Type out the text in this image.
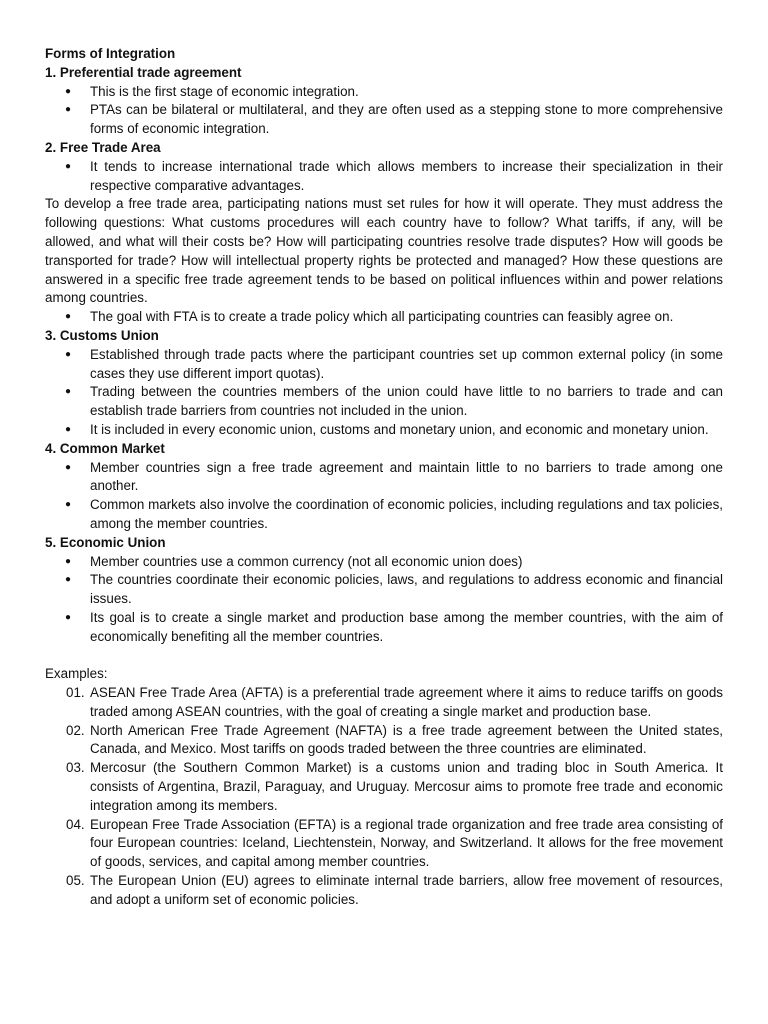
Forms of Integration
1. Preferential trade agreement
● This is the first stage of economic integration.
● PTAs can be bilateral or multilateral, and they are often used as a stepping stone to more comprehensive forms of economic integration.
2. Free Trade Area
● It tends to increase international trade which allows members to increase their specialization in their respective comparative advantages.
To develop a free trade area, participating nations must set rules for how it will operate. They must address the following questions: What customs procedures will each country have to follow? What tariffs, if any, will be allowed, and what will their costs be? How will participating countries resolve trade disputes? How will goods be transported for trade? How will intellectual property rights be protected and managed? How these questions are answered in a specific free trade agreement tends to be based on political influences within and power relations among countries.
● The goal with FTA is to create a trade policy which all participating countries can feasibly agree on.
3. Customs Union
● Established through trade pacts where the participant countries set up common external policy (in some cases they use different import quotas).
● Trading between the countries members of the union could have little to no barriers to trade and can establish trade barriers from countries not included in the union.
● It is included in every economic union, customs and monetary union, and economic and monetary union.
4. Common Market
● Member countries sign a free trade agreement and maintain little to no barriers to trade among one another.
● Common markets also involve the coordination of economic policies, including regulations and tax policies, among the member countries.
5. Economic Union
● Member countries use a common currency (not all economic union does)
● The countries coordinate their economic policies, laws, and regulations to address economic and financial issues.
● Its goal is to create a single market and production base among the member countries, with the aim of economically benefiting all the member countries.
Examples:
01. ASEAN Free Trade Area (AFTA) is a preferential trade agreement where it aims to reduce tariffs on goods traded among ASEAN countries, with the goal of creating a single market and production base.
02. North American Free Trade Agreement (NAFTA) is a free trade agreement between the United states, Canada, and Mexico. Most tariffs on goods traded between the three countries are eliminated.
03. Mercosur (the Southern Common Market) is a customs union and trading bloc in South America. It consists of Argentina, Brazil, Paraguay, and Uruguay. Mercosur aims to promote free trade and economic integration among its members.
04. European Free Trade Association (EFTA) is a regional trade organization and free trade area consisting of four European countries: Iceland, Liechtenstein, Norway, and Switzerland. It allows for the free movement of goods, services, and capital among member countries.
05. The European Union (EU) agrees to eliminate internal trade barriers, allow free movement of resources, and adopt a uniform set of economic policies.
